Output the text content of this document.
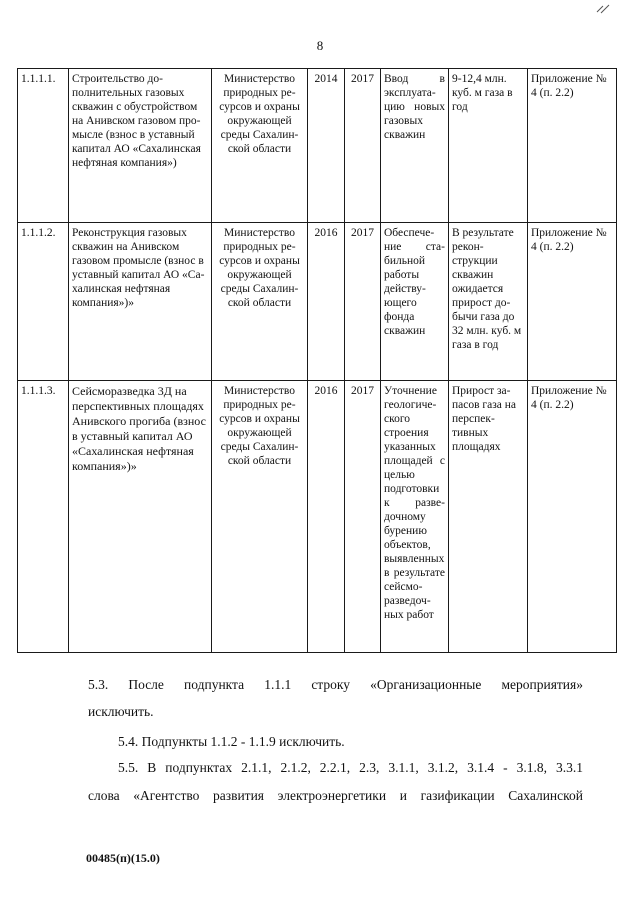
8
1.1.1.1.	Строительство дополнительных газовых скважин с обустройством на Анивском газовом промысле (взнос в уставный капитал АО «Сахалинская нефтяная компания»)	Министерство природных ресурсов и охраны окружающей среды Сахалинской области	2014	2017	Ввод в эксплуатацию новых газовых скважин	9-12,4 млн. куб. м газа в год	Приложение № 4 (п. 2.2)
1.1.1.2.	Реконструкция газовых скважин на Анивском газовом промысле (взнос в уставный капитал АО «Сахалинская нефтяная компания»)»	Министерство природных ресурсов и охраны окружающей среды Сахалинской области	2016	2017	Обеспечение стабильной работы действующего фонда скважин	В результате реконструкции скважин ожидается прирост добычи газа до 32 млн. куб. м газа в год	Приложение № 4 (п. 2.2)
1.1.1.3.	Сейсморазведка 3Д на перспективных площадях Анивского прогиба (взнос в уставный капитал АО «Сахалинская нефтяная компания»)»	Министерство природных ресурсов и охраны окружающей среды Сахалинской области	2016	2017	Уточнение геологического строения указанных площадей с целью подготовки к разведочному бурению объектов, выявленных в результате сейсморазведочных работ	Прирост запасов газа на перспективных площадях	Приложение № 4 (п. 2.2)
5.3. После подпункта 1.1.1 строку «Организационные мероприятия»
исключить.
5.4. Подпункты 1.1.2 - 1.1.9 исключить.
5.5. В подпунктах 2.1.1, 2.1.2, 2.2.1, 2.3, 3.1.1, 3.1.2, 3.1.4 - 3.1.8, 3.3.1
слова «Агентство развития электроэнергетики и газификации Сахалинской
00485(п)(15.0)
